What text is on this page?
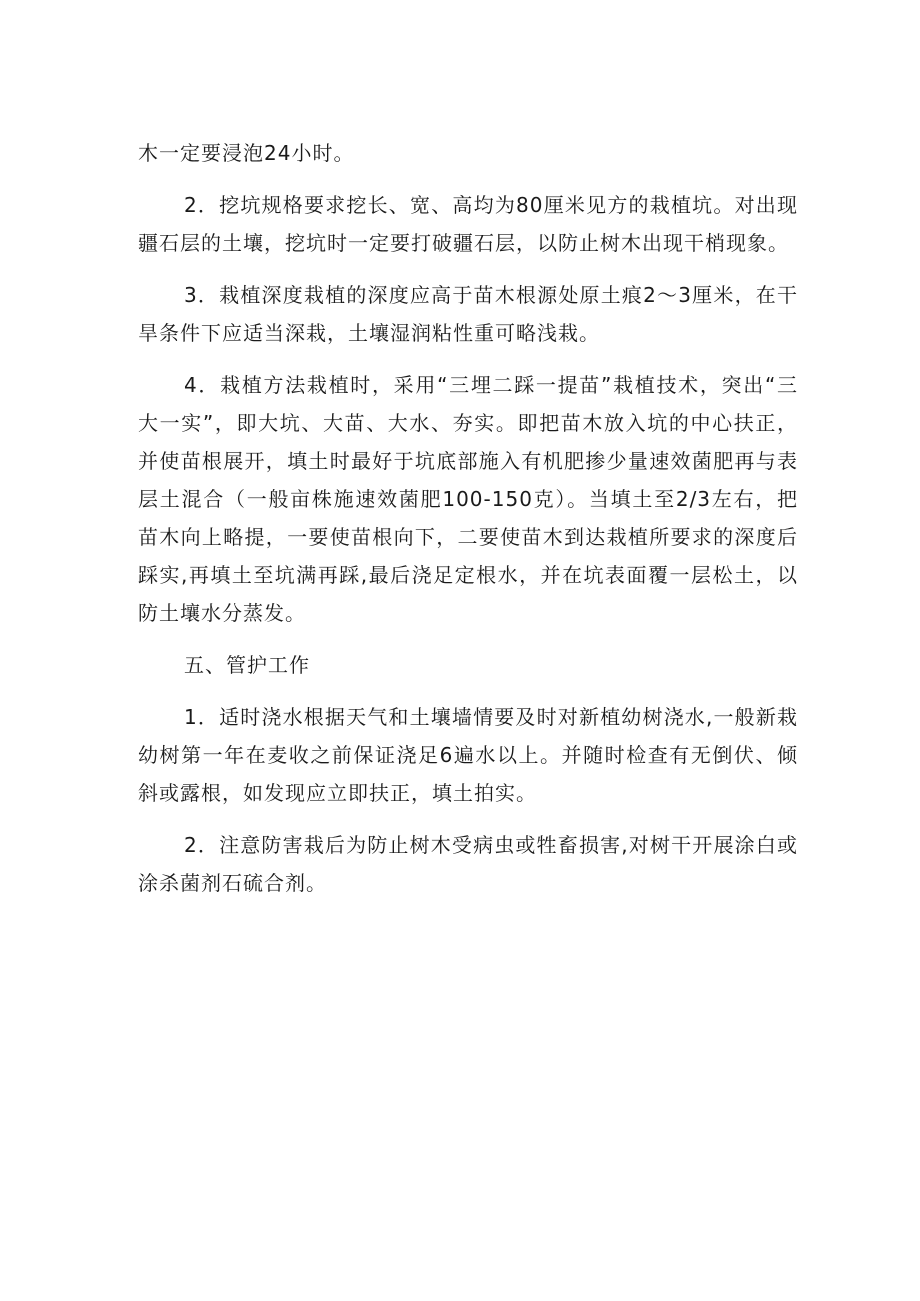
木一定要浸泡24小时。

2．挖坑规格要求挖长、宽、高均为80厘米见方的栽植坑。对出现疆石层的土壤，挖坑时一定要打破疆石层，以防止树木出现干梢现象。

3．栽植深度栽植的深度应高于苗木根源处原土痕2～3厘米，在干旱条件下应适当深栽，土壤湿润粘性重可略浅栽。

4．栽植方法栽植时，采用“三埋二踩一提苗”栽植技术，突出“三大一实”，即大坑、大苗、大水、夯实。即把苗木放入坑的中心扶正，并使苗根展开，填土时最好于坑底部施入有机肥掺少量速效菌肥再与表层土混合（一般亩株施速效菌肥100-150克）。当填土至2/3左右，把苗木向上略提，一要使苗根向下，二要使苗木到达栽植所要求的深度后踩实,再填土至坑满再踩,最后浇足定根水，并在坑表面覆一层松土，以防土壤水分蒸发。

五、管护工作

1．适时浇水根据天气和土壤墙情要及时对新植幼树浇水,一般新栽幼树第一年在麦收之前保证浇足6遍水以上。并随时检查有无倒伏、倾斜或露根，如发现应立即扶正，填土拍实。

2．注意防害栽后为防止树木受病虫或牲畜损害,对树干开展涂白或涂杀菌剂石硫合剂。
